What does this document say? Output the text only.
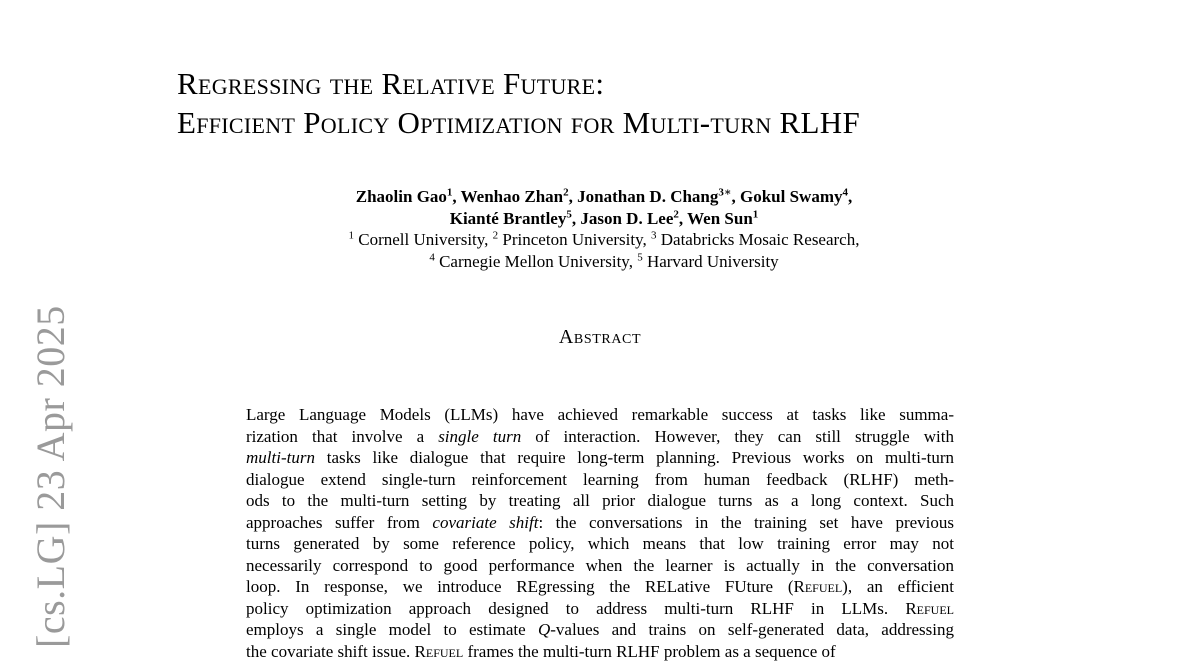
[cs.LG] 23 Apr 2025
Regressing the Relative Future:
Efficient Policy Optimization for Multi-turn RLHF
Zhaolin Gao$^1$, Wenhao Zhan$^2$, Jonathan D. Chang$^{3∗}$, Gokul Swamy$^4$,
Kianté Brantley$^5$, Jason D. Lee$^2$, Wen Sun$^1$
$^1$ Cornell University, $^2$ Princeton University, $^3$ Databricks Mosaic Research,
$^4$ Carnegie Mellon University, $^5$ Harvard University
Abstract
Large Language Models (LLMs) have achieved remarkable success at tasks like summa-
rization that involve a single turn of interaction. However, they can still struggle with
multi-turn tasks like dialogue that require long-term planning. Previous works on multi-turn
dialogue extend single-turn reinforcement learning from human feedback (RLHF) meth-
ods to the multi-turn setting by treating all prior dialogue turns as a long context. Such
approaches suffer from covariate shift: the conversations in the training set have previous
turns generated by some reference policy, which means that low training error may not
necessarily correspond to good performance when the learner is actually in the conversation
loop. In response, we introduce REgressing the RELative FUture (Refuel), an efficient
policy optimization approach designed to address multi-turn RLHF in LLMs. Refuel
employs a single model to estimate Q-values and trains on self-generated data, addressing
the covariate shift issue. Refuel frames the multi-turn RLHF problem as a sequence of
